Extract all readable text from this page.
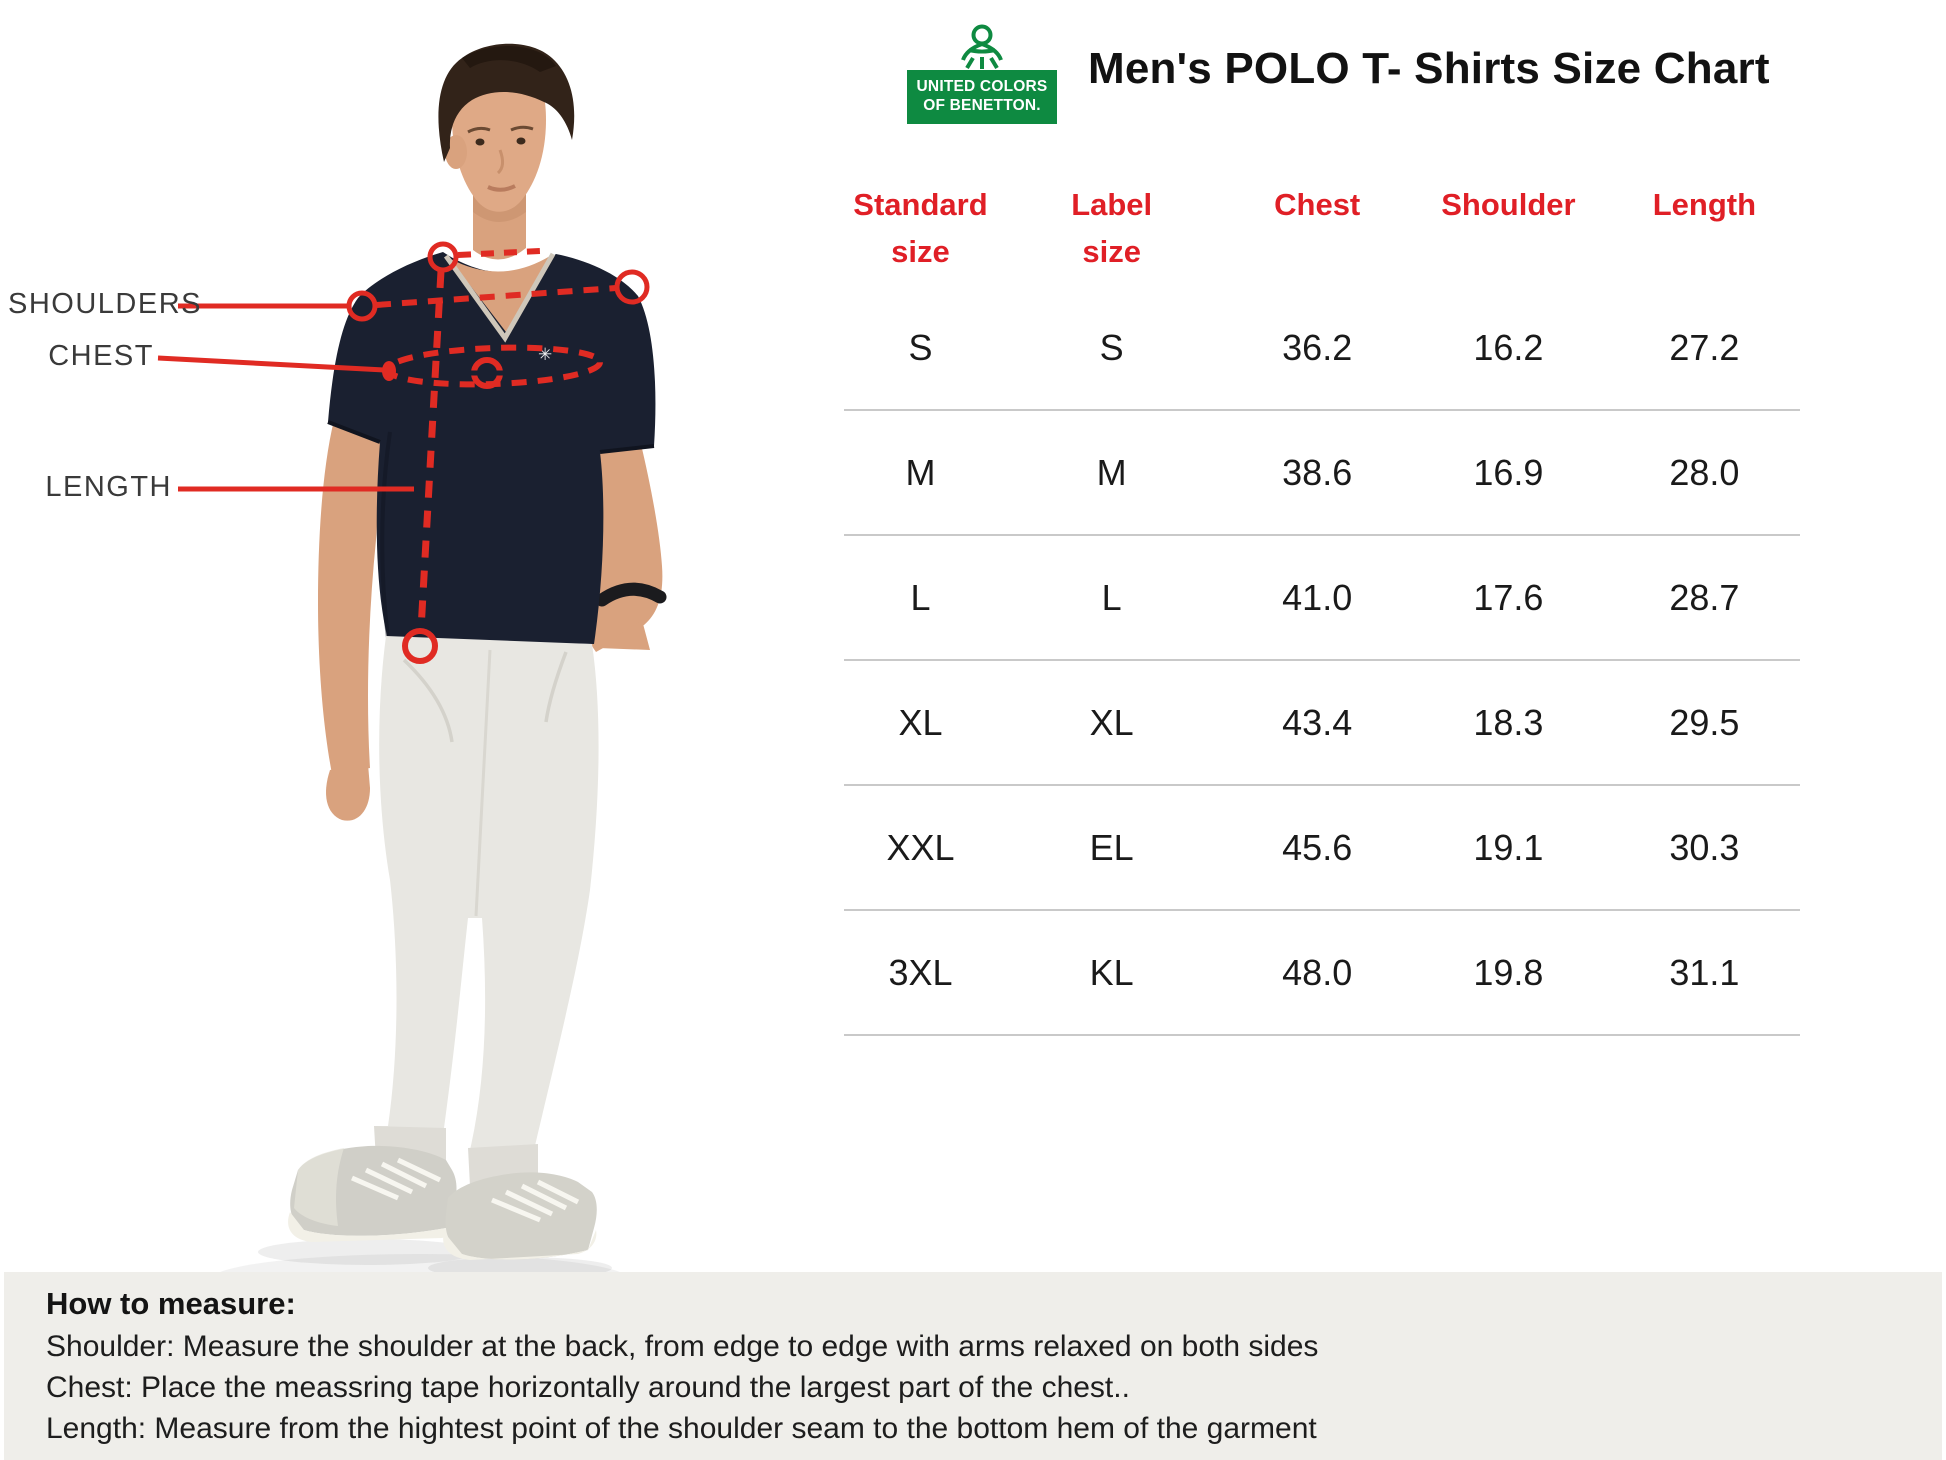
✳
UNITED COLORS
OF BENETTON.
Men's POLO T- Shirts Size Chart
SHOULDERS
CHEST
LENGTH
Standard
size
Label
size
Chest	Shoulder	Length
S	S	36.2	16.2	27.2
M	M	38.6	16.9	28.0
L	L	41.0	17.6	28.7
XL	XL	43.4	18.3	29.5
XXL	EL	45.6	19.1	30.3
3XL	KL	48.0	19.8	31.1
How to measure:
Shoulder: Measure the shoulder at the back, from edge to edge with arms relaxed on both sides
Chest: Place the meassring tape horizontally around the largest part of the chest..
Length: Measure from the hightest point of the shoulder seam to the bottom hem of the garment
